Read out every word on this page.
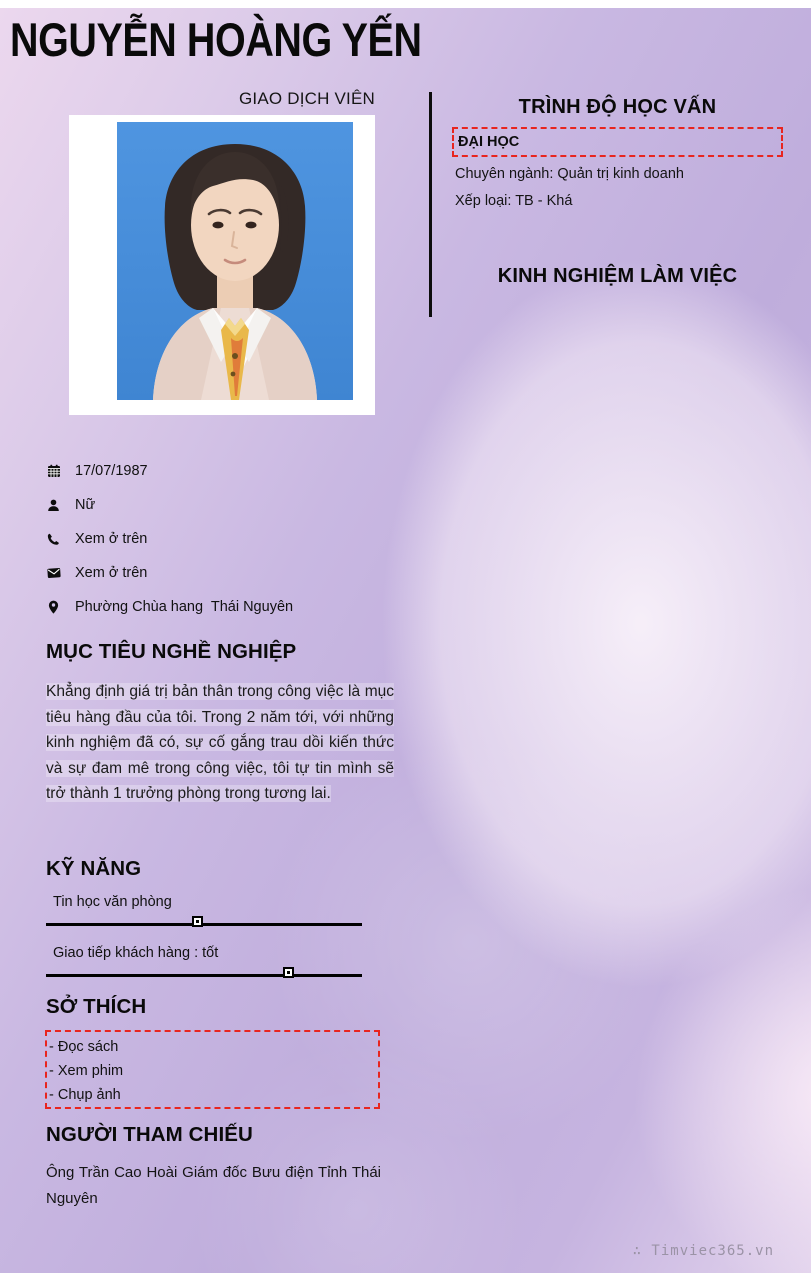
NGUYỄN HOÀNG YẾN
GIAO DỊCH VIÊN	TRÌNH ĐỘ HỌC VẤN
ĐẠI HỌC
Chuyên ngành: Quản trị kinh doanh
Xếp loại: TB - Khá
KINH NGHIỆM LÀM VIỆC
17/07/1987
Nữ
Xem ở trên
Xem ở trên
Phường Chùa hang  Thái Nguyên
MỤC TIÊU NGHỀ NGHIỆP
Khẳng định giá trị bản thân trong công việc là mục tiêu hàng đầu của tôi. Trong 2 năm tới, với những kinh nghiệm đã có, sự cố gắng trau dồi kiến thức và sự đam mê trong công việc, tôi tự tin mình sẽ trở thành 1 trưởng phòng trong tương lai.
KỸ NĂNG
Tin học văn phòng
Giao tiếp khách hàng : tốt
SỞ THÍCH
- Đọc sách
- Xem phim
- Chụp ảnh
NGƯỜI THAM CHIẾU
Ông Trần Cao Hoài Giám đốc Bưu điện Tỉnh Thái Nguyên
∴ Timviec365.vn
